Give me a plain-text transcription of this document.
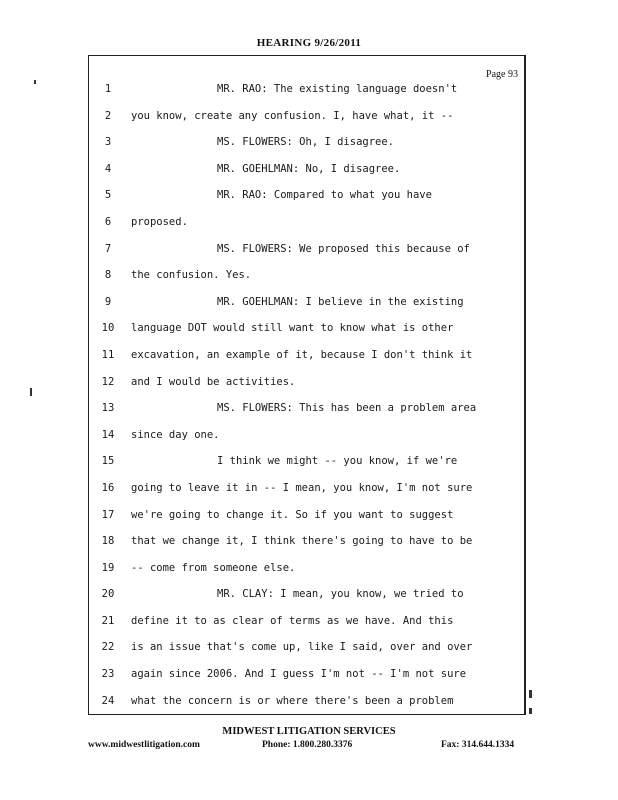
HEARING 9/26/2011
Page 93
1	MR. RAO: The existing language doesn't
2	you know, create any confusion. I, have what, it --
3	MS. FLOWERS: Oh, I disagree.
4	MR. GOEHLMAN: No, I disagree.
5	MR. RAO: Compared to what you have
6	proposed.
7	MS. FLOWERS: We proposed this because of
8	the confusion. Yes.
9	MR. GOEHLMAN: I believe in the existing
10	language DOT would still want to know what is other
11	excavation, an example of it, because I don't think it
12	and I would be activities.
13	MS. FLOWERS: This has been a problem area
14	since day one.
15	I think we might -- you know, if we're
16	going to leave it in -- I mean, you know, I'm not sure
17	we're going to change it. So if you want to suggest
18	that we change it, I think there's going to have to be
19	-- come from someone else.
20	MR. CLAY: I mean, you know, we tried to
21	define it to as clear of terms as we have. And this
22	is an issue that's come up, like I said, over and over
23	again since 2006. And I guess I'm not -- I'm not sure
24	what the concern is or where there's been a problem
MIDWEST LITIGATION SERVICES
www.midwestlitigation.com	Phone: 1.800.280.3376	Fax: 314.644.1334
